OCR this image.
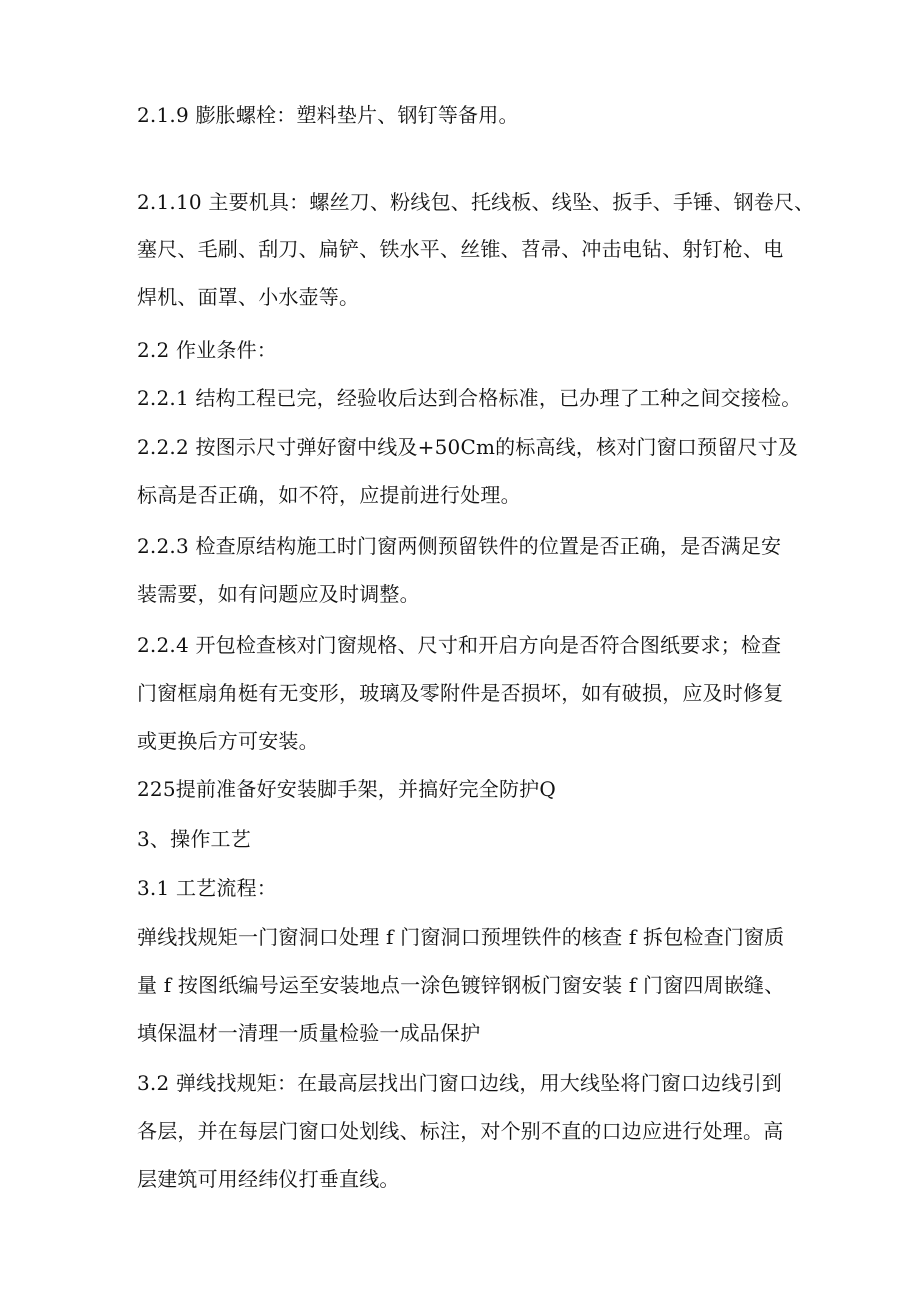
2.1.9 膨胀螺栓：塑料垫片、钢钉等备用。
2.1.10 主要机具：螺丝刀、粉线包、托线板、线坠、扳手、手锤、钢卷尺、
塞尺、毛刷、刮刀、扁铲、铁水平、丝锥、苕帚、冲击电钻、射钉枪、电
焊机、面罩、小水壶等。
2.2 作业条件：
2.2.1 结构工程已完，经验收后达到合格标准，已办理了工种之间交接检。
2.2.2 按图示尺寸弹好窗中线及+50Cm的标高线，核对门窗口预留尺寸及
标高是否正确，如不符，应提前进行处理。
2.2.3 检查原结构施工时门窗两侧预留铁件的位置是否正确，是否满足安
装需要，如有问题应及时调整。
2.2.4 开包检查核对门窗规格、尺寸和开启方向是否符合图纸要求；检查
门窗框扇角梃有无变形，玻璃及零附件是否损坏，如有破损，应及时修复
或更换后方可安装。
225提前准备好安装脚手架，并搞好完全防护Q
3、操作工艺
3.1 工艺流程：
弹线找规矩一门窗洞口处理 f 门窗洞口预埋铁件的核查 f 拆包检查门窗质
量 f 按图纸编号运至安装地点一涂色镀锌钢板门窗安装 f 门窗四周嵌缝、
填保温材一清理一质量检验一成品保护
3.2 弹线找规矩：在最高层找出门窗口边线，用大线坠将门窗口边线引到
各层，并在每层门窗口处划线、标注，对个别不直的口边应进行处理。高
层建筑可用经纬仪打垂直线。
